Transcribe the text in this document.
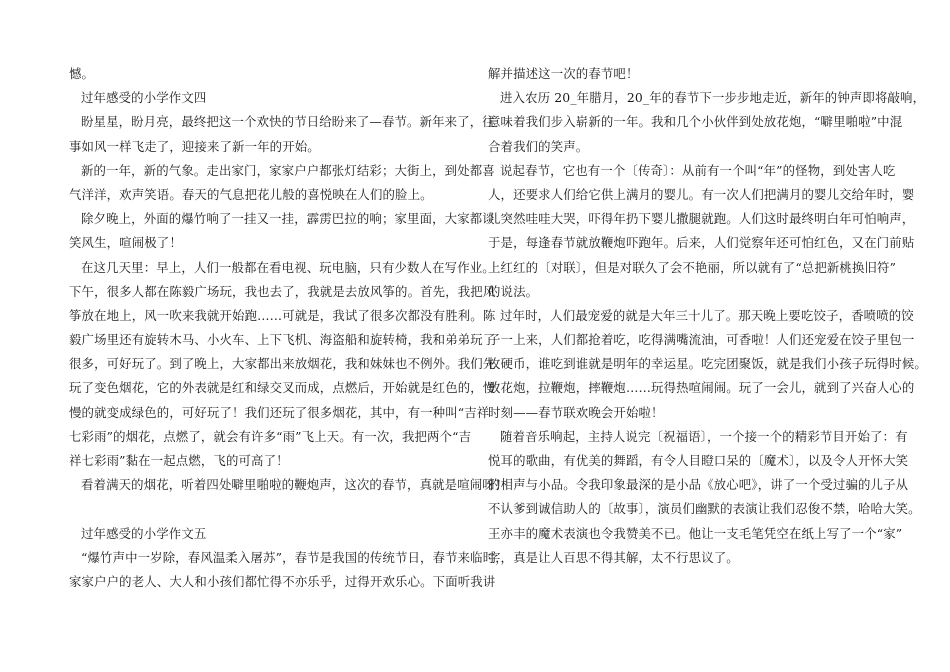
憾。
过年感受的小学作文四
盼星星，盼月亮，最终把这一个欢快的节日给盼来了—春节。新年来了，往
事如风一样飞走了，迎接来了新一年的开始。
新的一年，新的气象。走出家门，家家户户都张灯结彩；大街上，到处都喜
气洋洋，欢声笑语。春天的气息把花儿般的喜悦映在人们的脸上。
除夕晚上，外面的爆竹响了一挂又一挂，霹雳巴拉的响；家里面，大家都谈
笑风生，喧闹极了！
在这几天里：早上，人们一般都在看电视、玩电脑，只有少数人在写作业。
下午，很多人都在陈毅广场玩，我也去了，我就是去放风筝的。首先，我把风
筝放在地上，风一吹来我就开始跑……可就是，我试了很多次都没有胜利。陈
毅广场里还有旋转木马、小火车、上下飞机、海盗船和旋转椅，我和弟弟玩了
很多，可好玩了。到了晚上，大家都出来放烟花，我和妹妹也不例外。我们先
玩了变色烟花，它的外表就是红和绿交叉而成，点燃后，开始就是红色的，慢
慢的就变成绿色的，可好玩了！我们还玩了很多烟花，其中，有一种叫“吉祥
七彩雨”的烟花，点燃了，就会有许多“雨”飞上天。有一次，我把两个“吉
祥七彩雨”黏在一起点燃，飞的可高了！
看着满天的烟花，听着四处噼里啪啦的鞭炮声，这次的春节，真就是喧闹呀！
过年感受的小学作文五
“爆竹声中一岁除，春风温柔入屠苏”，春节是我国的传统节日，春节来临时，
家家户户的老人、大人和小孩们都忙得不亦乐乎，过得开欢乐心。下面听我讲
解并描述这一次的春节吧！
进入农历 20_年腊月，20_年的春节下一步步地走近，新年的钟声即将敲响，
意味着我们步入崭新的一年。我和几个小伙伴到处放花炮，“噼里啪啦”中混
合着我们的笑声。
说起春节，它也有一个〔传奇〕：从前有一个叫“年”的怪物，到处害人吃
人，还要求人们给它供上满月的婴儿。有一次人们把满月的婴儿交给年时，婴
儿突然哇哇大哭，吓得年扔下婴儿撒腿就跑。人们这时最终明白年可怕响声，
于是，每逢春节就放鞭炮吓跑年。后来，人们觉察年还可怕红色，又在门前贴
上红红的〔对联〕，但是对联久了会不艳丽，所以就有了“总把新桃换旧符”
的说法。
过年时，人们最宠爱的就是大年三十儿了。那天晚上要吃饺子，香喷喷的饺
子一上来，人们都抢着吃，吃得满嘴流油，可香啦！人们还宠爱在饺子里包一
枚硬币，谁吃到谁就是明年的幸运星。吃完团聚饭，就是我们小孩子玩得时候。
放花炮，拉鞭炮，摔鞭炮……玩得热喧闹闹。玩了一会儿，就到了兴奋人心的
时刻——春节联欢晚会开始啦！
随着音乐响起，主持人说完〔祝福语〕，一个接一个的精彩节目开始了：有
悦耳的歌曲，有优美的舞蹈，有令人目瞪口呆的〔魔术〕，以及令人开怀大笑
的相声与小品。令我印象最深的是小品《放心吧》，讲了一个受过骗的儿子从
不认爹到诚信助人的〔故事〕，演员们幽默的表演让我们忍俊不禁，哈哈大笑。
王亦丰的魔术表演也令我赞美不已。他让一支毛笔凭空在纸上写了一个“家”
字，真是让人百思不得其解，太不行思议了。
